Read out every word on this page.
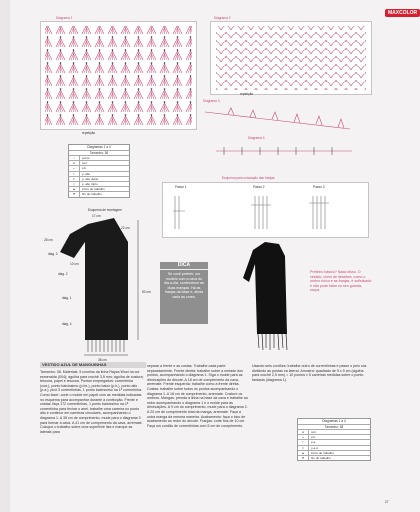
MAXCOLOR
Diagrama 1
repetição
Diagrama 2
repetição
Diagrama 3
Diagrama 4
Diagramas 1 a 4
Tamanho: 38
○	ponto
●	corr.
+	p.b.
†	p. alto
‡	p. alto duplo
⫲	p. alto triplo
▲	início de trabalho
▼	fim do trabalho
Esquema para colocação das franjas
Passo 1	Passo 2	Passo 3
Esquema de montagem
17 cm
22 cm
28 cm
10 cm
diag. 3
diag. 2
diag. 1
diag. 4
83 cm
38 cm
DICA
Se você preferir, um modelo com a cava do dia-a-dia, confeccione as duas mangas. Há as franjas da base e, ainda varia as cores.
Pretinho básico? Nada disso. O vestido, cheio de detalhes, como o ombro único e as franjas, é sofisticado e não pode faltar no seu guarda-roupa.
VESTIDO AZUL DE MANGUINHAS
Tamanho: 38. Materiais: 5 novelos da linha Rayza Wool na cor esmeralda (004); agulha para crochê 3,5 mm; agulha de costura; tesoura, papel e tesoura. Pontos empregados: correntinha (corr.), ponto baixíssimo (p.bx.), ponto baixo (p.b.), ponto alto (p.a.), picô 3 correntinhas, 1 ponto baixíssimo na 1ª correntinha. Como fazer: corte o molde em papel com as medidas indicadas no esquema para acompanhar durante a confecção. Frente e costas: faça 172 correntinhas, 1 ponto baixíssimo na 1ª correntinha para fechar o anel, trabalhe uma carreira no ponto alto e continue em carreiras circulares, acompanhando o diagrama 1. A 35 cm de comprimento, mude para o diagrama 3 para formar a cava. A 41 cm de comprimento da cava, arremate. Coloque o trabalho sobre uma superfície lisa e marque as laterais para
separar a frente e as costas. Trabalhe cada parte separadamente. Frente direita: trabalhe sobre a metade dos pontos, acompanhando o diagrama 1. Siga o molde para as diminuições do decote. A 18 cm de comprimento da cava, arremate. Frente esquerda: trabalhe como a frente direita. Costas: trabalhe sobre todos os pontos acompanhando o diagrama 1. A 18 cm de comprimento, arremate. Costure os ombros. Mangas: prenda a linha na base da cava e trabalhe ao redor acompanhando o diagrama 1 e o molde para as diminuições. A 9 cm do comprimento, mude para o diagrama 2. A 20 cm de comprimento total da manga, arremate. Faça a outra manga da mesma maneira. Acabamento: faça o bico de acabamento ao redor do decote. Franjas: corte fios de 10 cm. Faça um cordão de correntinhas com 5 cm de comprimento.
Usando seis cordões: trabalhe outro de correntinhas e passe o pelo cós dividindo as pontas na lateral. Amostra: quadrado de 5 x 5 cm (agulha para crochê 2,5 mm) = 10 pontos x 5 carreiras medidas sobre o ponto fantasia (diagrama 1).
Diagramas 1 a 4
Tamanho: 38
●	corr.
+	p.b.
†	p.a.
‡	p.a.d.
▲	início de trabalho
▼	fim do trabalho
27
